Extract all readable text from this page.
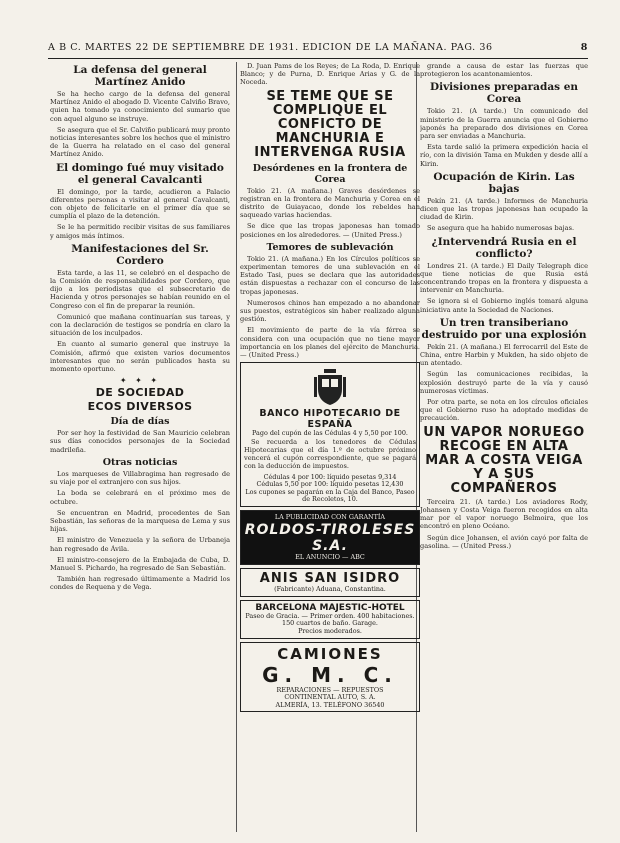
A B C. MARTES 22 DE SEPTIEMBRE DE 1931. EDICION DE LA MAÑANA. PAG. 36	8
La defensa del general Martínez Anido

Se ha hecho cargo de la defensa del general Martínez Anido el abogado D. Vicente Calviño Bravo, quien ha tomado ya conocimiento del sumario que con aquel alguno se instruye.

Se asegura que el Sr. Calviño publicará muy pronto noticias interesantes sobre los hechos que el ministro de la Guerra ha relatado en el caso del general Martínez Anido.

El domingo fué muy visitado el general Cavalcanti

El domingo, por la tarde, acudieron a Palacio diferentes personas a visitar al general Cavalcanti, con objeto de felicitarle en el primer día que se cumplía el plazo de la detención.

Se le ha permitido recibir visitas de sus familiares y amigos más íntimos.

Manifestaciones del Sr. Cordero

Esta tarde, a las 11, se celebró en el despacho de la Comisión de responsabilidades por Cordero, que dijo a los periodistas que el subsecretario de Hacienda y otros personajes se habían reunido en el Congreso con el fin de preparar la reunión.

Comunicó que mañana continuarían sus tareas, y con la declaración de testigos se pondría en claro la situación de los inculpados.

En cuanto al sumario general que instruye la Comisión, afirmó que existen varios documentos interesantes que no serán publicados hasta su momento oportuno.

✦ ✦ ✦
DE SOCIEDAD
ECOS DIVERSOS
Día de días

Por ser hoy la festividad de San Mauricio celebran sus días conocidos personajes de la Sociedad madrileña.

Otras noticias

Los marqueses de Villabragima han regresado de su viaje por el extranjero con sus hijos.

La boda se celebrará en el próximo mes de octubre.

Se encuentran en Madrid, procedentes de San Sebastián, las señoras de la marquesa de Lema y sus hijas.

El ministro de Venezuela y la señora de Urbaneja han regresado de Ávila.

El ministro-consejero de la Embajada de Cuba, D. Manuel S. Pichardo, ha regresado de San Sebastián.

También han regresado últimamente a Madrid los condes de Requena y de Vega.

D. Juan Pams de los Reyes; de La Roda, D. Enrique Blanco; y de Purna, D. Enrique Arias y G. de la Noceda.

SE TEME QUE SE COMPLIQUE EL CONFICTO DE MANCHURIA E INTERVENGA RUSIA
Desórdenes en la frontera de Corea

Tokio 21. (A mañana.) Graves desórdenes se registran en la frontera de Manchuria y Corea en el distrito de Guiayacao, donde los rebeldes han saqueado varias haciendas.

Se dice que las tropas japonesas han tomado posiciones en los alrededores. — (United Press.)

Temores de sublevación

Tokio 21. (A mañana.) En los Círculos políticos se experimentan temores de una sublevación en el Estado Tasi, pues se declara que las autoridades están dispuestas a rechazar con el concurso de las tropas japonesas.

Numerosos chinos han empezado a no abandonar sus puestos, estratégicos sin haber realizado alguna gestión.

El movimiento de parte de la vía férrea se considera con una ocupación que no tiene mayor importancia en los planes del ejército de Manchuria. — (United Press.)

BANCO HIPOTECARIO DE ESPAÑA
Pago del cupón de las Cédulas 4 y 5,50 por 100.

Se recuerda a los tenedores de Cédulas Hipotecarias que el día 1.º de octubre próximo vencerá el cupón correspondiente, que se pagará con la deducción de impuestos.

Cédulas 4 por 100: líquido pesetas 9,314
Cédulas 5,50 por 100: líquido pesetas 12,430
Los cupones se pagarán en la Caja del Banco, Paseo de Recoletos, 10.
LA PUBLICIDAD CON GARANTÍA
ROLDOS-TIROLESES S.A.
EL ANUNCIO — ABC
ANIS SAN ISIDRO
(Fabricante) Aduana, Constantina.
BARCELONA MAJESTIC-HOTEL
Paseo de Gracia. — Primer orden. 400 habitaciones. 150 cuartos de baño. Garage.
Precios moderados.
CAMIONES
G. M. C.
REPARACIONES — REPUESTOS
CONTINENTAL AUTO, S. A.
ALMERÍA, 13. TELÉFONO 36540

grande a causa de estar las fuerzas que protegieron los acantonamientos.

Divisiones preparadas en Corea

Tokio 21. (A tarde.) Un comunicado del ministerio de la Guerra anuncia que el Gobierno japonés ha preparado dos divisiones en Corea para ser enviadas a Manchuria.

Esta tarde salió la primera expedición hacia el río, con la división Tama en Mukden y desde allí a Kirin.

Ocupación de Kirin. Las bajas

Pekín 21. (A tarde.) Informes de Manchuria dicen que las tropas japonesas han ocupado la ciudad de Kirin.

Se asegura que ha habido numerosas bajas.

¿Intervendrá Rusia en el conflicto?

Londres 21. (A tarde.) El Daily Telegraph dice que tiene noticias de que Rusia está concentrando tropas en la frontera y dispuesta a intervenir en Manchuria.

Se ignora si el Gobierno inglés tomará alguna iniciativa ante la Sociedad de Naciones.

Un tren transiberiano destruido por una explosión

Pekín 21. (A mañana.) El ferrocarril del Este de China, entre Harbin y Mukden, ha sido objeto de un atentado.

Según las comunicaciones recibidas, la explosión destruyó parte de la vía y causó numerosas víctimas.

Por otra parte, se nota en los círculos oficiales que el Gobierno ruso ha adoptado medidas de precaución.

UN VAPOR NORUEGO RECOGE EN ALTA MAR A COSTA VEIGA Y A SUS COMPAÑEROS

Terceira 21. (A tarde.) Los aviadores Rody, Johansen y Costa Veiga fueron recogidos en alta mar por el vapor noruego Belmoira, que los encontró en pleno Océano.

Según dice Johansen, el avión cayó por falta de gasolina. — (United Press.)
